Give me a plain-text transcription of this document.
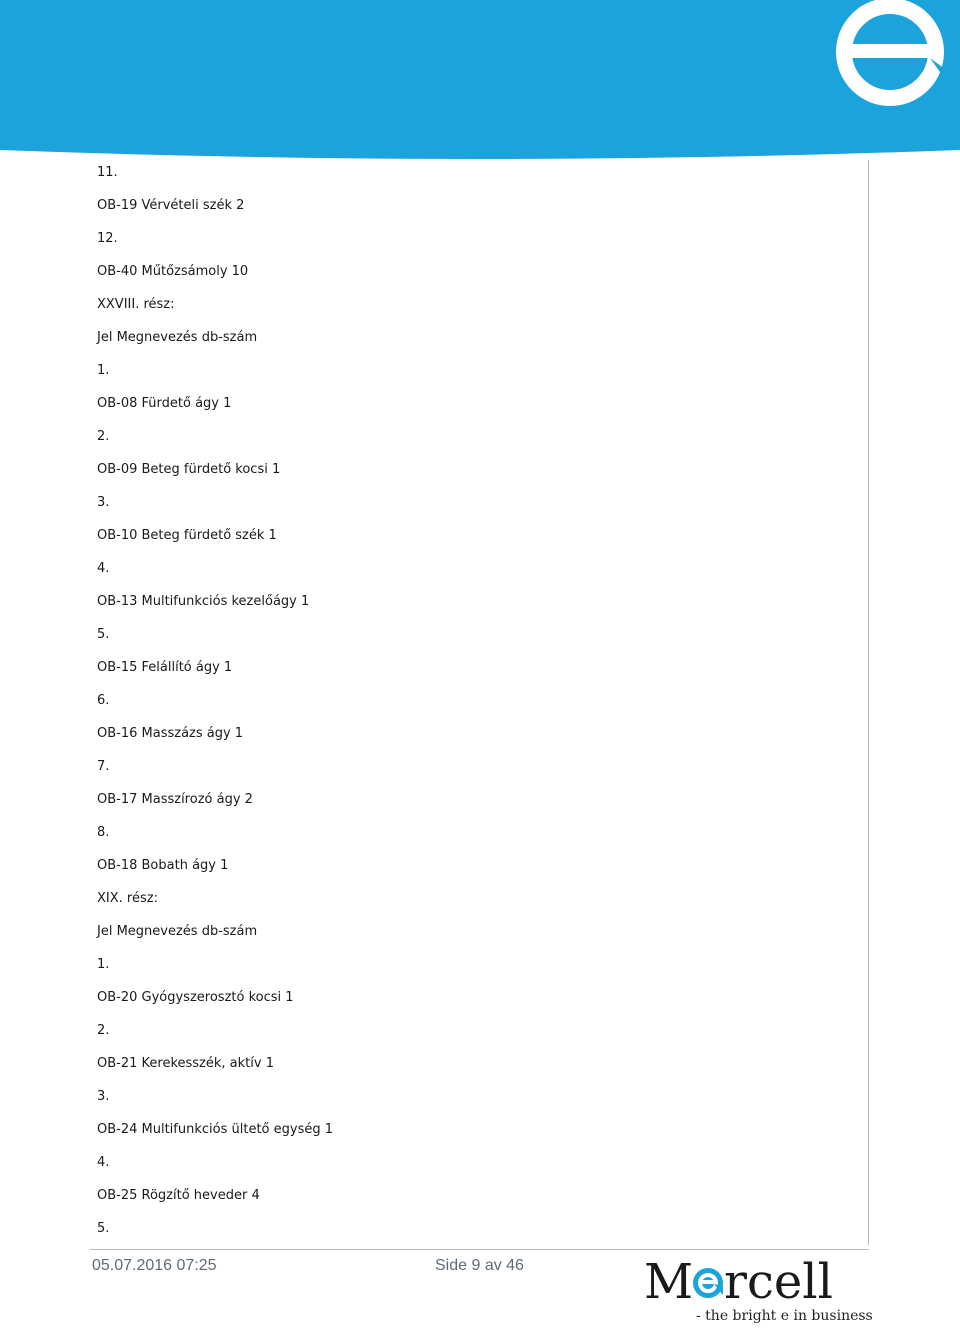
11.
OB-19 Vérvételi szék 2
12.
OB-40 Műtőzsámoly 10
XXVIII. rész:
Jel Megnevezés db-szám
1.
OB-08 Fürdető ágy 1
2.
OB-09 Beteg fürdető kocsi 1
3.
OB-10 Beteg fürdető szék 1
4.
OB-13 Multifunkciós kezelőágy 1
5.
OB-15 Felállító ágy 1
6.
OB-16 Masszázs ágy 1
7.
OB-17 Masszírozó ágy 2
8.
OB-18 Bobath ágy 1
XIX. rész:
Jel Megnevezés db-szám
1.
OB-20 Gyógyszerosztó kocsi 1
2.
OB-21 Kerekesszék, aktív 1
3.
OB-24 Multifunkciós ültető egység 1
4.
OB-25 Rögzítő heveder 4
5.
05.07.2016 07:25	Side 9 av 46	M rcell
- the bright e in business
